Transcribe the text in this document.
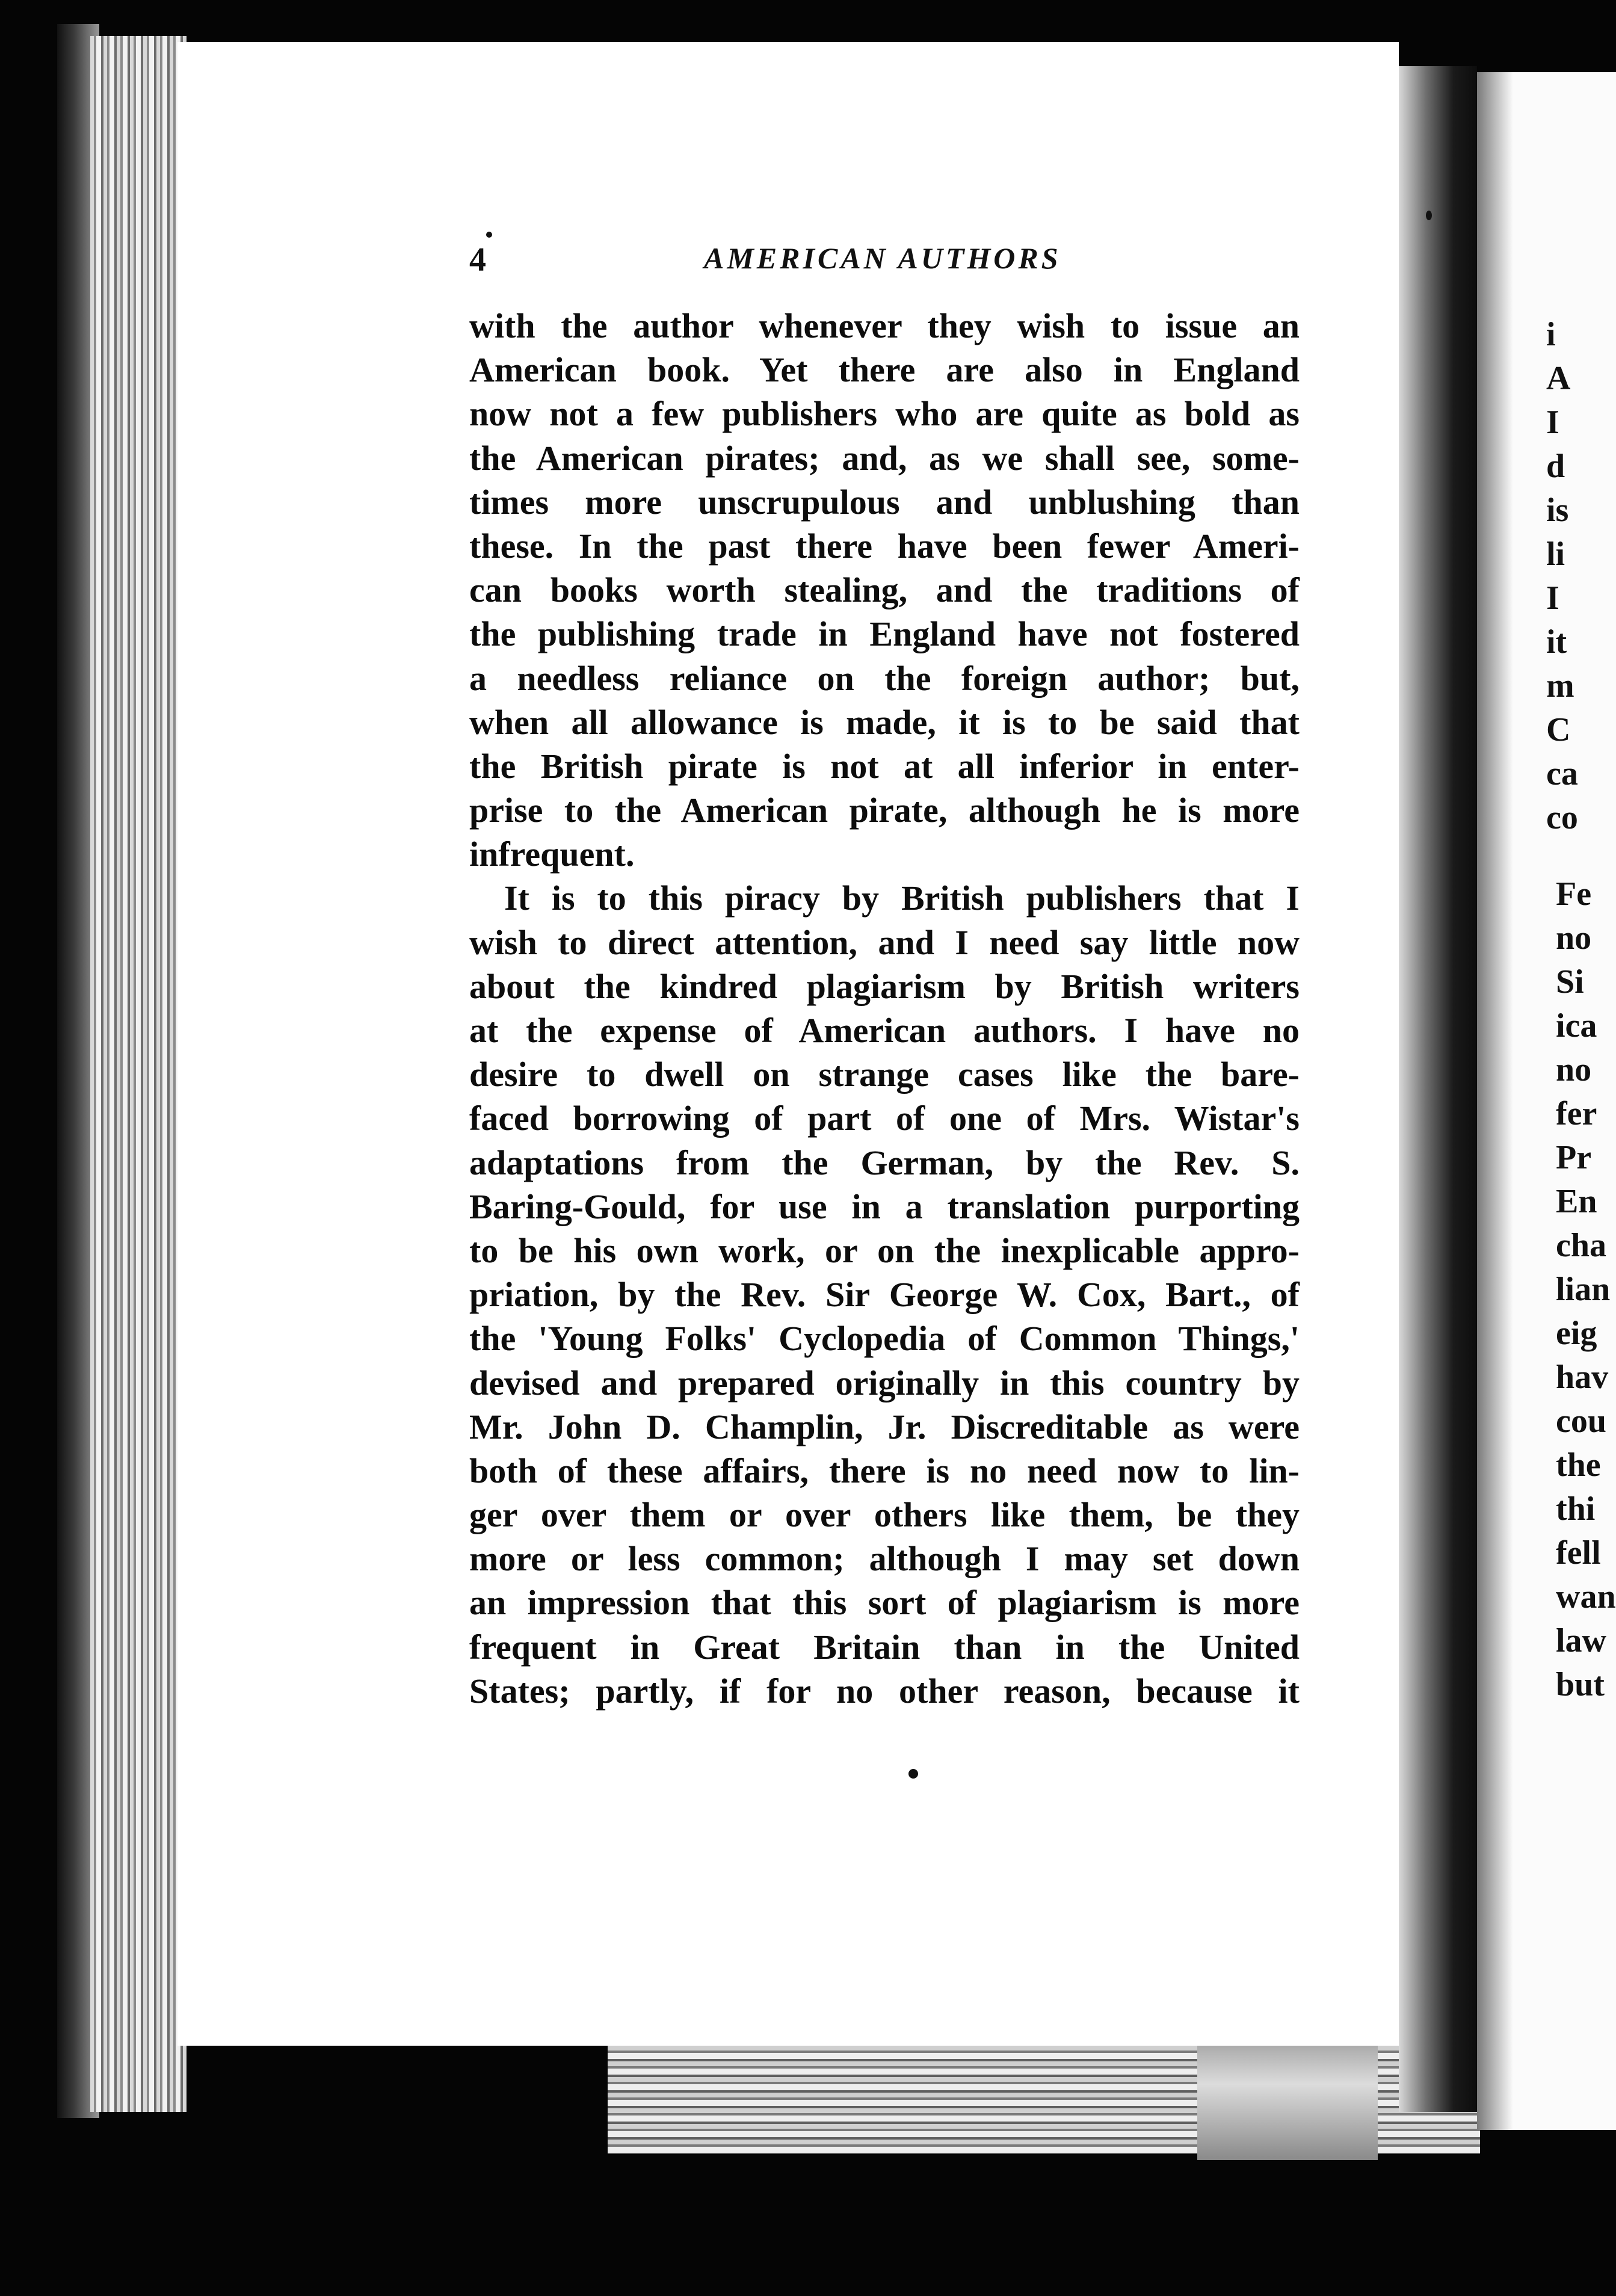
4	AMERICAN AUTHORS
with the author whenever they wish to issue an
American book. Yet there are also in England
now not a few publishers who are quite as bold as
the American pirates; and, as we shall see, some-
times more unscrupulous and unblushing than
these. In the past there have been fewer Ameri-
can books worth stealing, and the traditions of
the publishing trade in England have not fostered
a needless reliance on the foreign author; but,
when all allowance is made, it is to be said that
the British pirate is not at all inferior in enter-
prise to the American pirate, although he is more
infrequent.
It is to this piracy by British publishers that I
wish to direct attention, and I need say little now
about the kindred plagiarism by British writers
at the expense of American authors. I have no
desire to dwell on strange cases like the bare-
faced borrowing of part of one of Mrs. Wistar's
adaptations from the German, by the Rev. S.
Baring-Gould, for use in a translation purporting
to be his own work, or on the inexplicable appro-
priation, by the Rev. Sir George W. Cox, Bart., of
the 'Young Folks' Cyclopedia of Common Things,'
devised and prepared originally in this country by
Mr. John D. Champlin, Jr. Discreditable as were
both of these affairs, there is no need now to lin-
ger over them or over others like them, be they
more or less common; although I may set down
an impression that this sort of plagiarism is more
frequent in Great Britain than in the United
States; partly, if for no other reason, because it
i
A
I
d
is
li
I
it
m
C
ca
co
Fe
no
Si
ica
no
fer
Pr
En
cha
lian
eig
hav
cou
the
thi
fell
wan
law
but
